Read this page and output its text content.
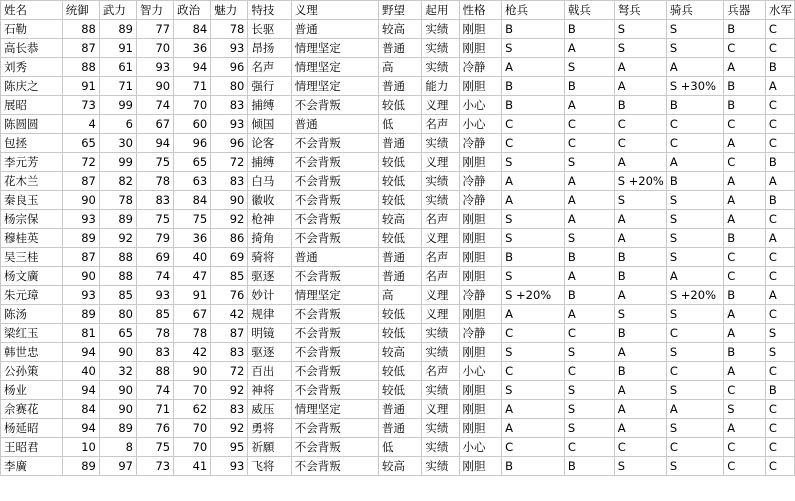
姓名	统御	武力	智力	政治	魅力	特技	义理	野望	起用	性格	枪兵	戟兵	弩兵	骑兵	兵器	水军
石勒	88	89	77	84	78	长驱	普通	较高	实绩	刚胆	B	B	S	S	B	C
高长恭	87	91	70	36	93	昂扬	情理坚定	普通	实绩	刚胆	S	A	S	S	C	C
刘秀	88	61	93	94	96	名声	情理坚定	高	实绩	冷静	A	S	A	A	A	B
陈庆之	91	71	90	71	80	强行	情理坚定	普通	能力	刚胆	B	B	A	S +30%	B	A
展昭	73	99	74	70	83	捕缚	不会背叛	较低	义理	小心	B	A	B	B	B	C
陈圆圆	4	6	67	60	93	倾国	普通	低	名声	小心	C	C	C	C	C	C
包拯	65	30	94	96	96	论客	不会背叛	普通	实绩	冷静	C	C	C	C	A	C
李元芳	72	99	75	65	72	捕缚	不会背叛	较低	义理	刚胆	S	S	A	A	C	B
花木兰	87	82	78	63	83	白马	不会背叛	较低	实绩	冷静	A	A	S +20%	B	A	A
秦良玉	90	78	83	84	90	徽收	不会背叛	较低	实绩	冷静	A	A	S	S	A	B
杨宗保	93	89	75	75	92	枪神	不会背叛	较高	名声	刚胆	S	A	A	S	A	C
穆桂英	89	92	79	36	86	掎角	不会背叛	较低	义理	刚胆	S	S	A	S	B	A
吴三桂	87	88	69	40	69	骑将	普通	普通	名声	刚胆	B	B	B	S	C	C
杨文廣	90	88	74	47	85	驱逐	不会背叛	普通	名声	刚胆	S	A	B	A	C	C
朱元璋	93	85	93	91	76	妙计	情理坚定	高	义理	冷静	S +20%	B	A	S +20%	B	A
陈汤	89	80	85	67	42	规律	不会背叛	较低	义理	刚胆	A	A	S	S	A	C
梁红玉	81	65	78	78	87	明镜	不会背叛	较低	实绩	冷静	C	C	B	C	A	S
韩世忠	94	90	83	42	83	驱逐	不会背叛	较高	实绩	刚胆	S	S	A	S	B	S
公孙策	40	32	88	90	72	百出	不会背叛	较低	名声	小心	C	C	B	C	A	C
杨业	94	90	74	70	92	神将	不会背叛	较低	实绩	刚胆	S	S	A	S	C	B
佘赛花	84	90	71	62	83	威压	情理坚定	普通	义理	刚胆	A	S	A	A	S	C
杨延昭	94	89	76	70	92	勇将	不会背叛	普通	实绩	刚胆	A	S	A	S	A	C
王昭君	10	8	75	70	95	祈願	不会背叛	低	实绩	小心	C	C	C	C	C	C
李廣	89	97	73	41	93	飞将	不会背叛	较高	实绩	刚胆	B	B	S	S	C	C
